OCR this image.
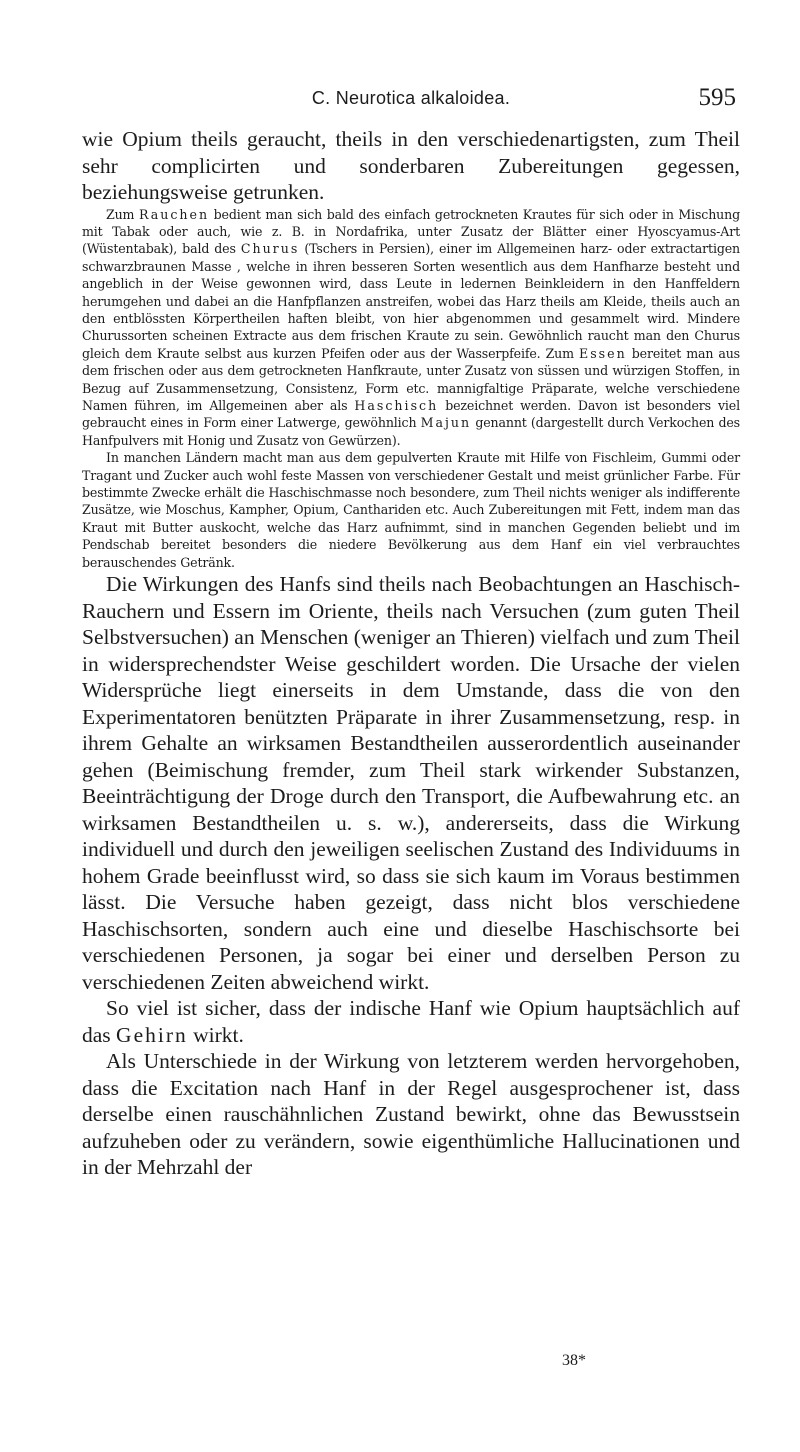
C. Neurotica alkaloidea.	595

wie Opium theils geraucht, theils in den verschiedenartigsten, zum Theil sehr complicirten und sonderbaren Zubereitungen gegessen, beziehungsweise getrunken.

Zum Rauchen bedient man sich bald des einfach getrockneten Krautes für sich oder in Mischung mit Tabak oder auch, wie z. B. in Nordafrika, unter Zusatz der Blätter einer Hyoscyamus-Art (Wüstentabak), bald des Churus (Tschers in Persien), einer im Allgemeinen harz- oder extractartigen schwarzbraunen Masse , welche in ihren besseren Sorten wesentlich aus dem Hanfharze besteht und angeblich in der Weise gewonnen wird, dass Leute in ledernen Beinkleidern in den Hanffeldern herumgehen und dabei an die Hanfpflanzen anstreifen, wobei das Harz theils am Kleide, theils auch an den entblössten Körpertheilen haften bleibt, von hier abgenommen und gesammelt wird. Mindere Churussorten scheinen Extracte aus dem frischen Kraute zu sein. Gewöhnlich raucht man den Churus gleich dem Kraute selbst aus kurzen Pfeifen oder aus der Wasserpfeife. Zum Essen bereitet man aus dem frischen oder aus dem getrockneten Hanfkraute, unter Zusatz von süssen und würzigen Stoffen, in Bezug auf Zusammensetzung, Consistenz, Form etc. mannigfaltige Präparate, welche verschiedene Namen führen, im Allgemeinen aber als Haschisch bezeichnet werden. Davon ist besonders viel gebraucht eines in Form einer Latwerge, gewöhnlich Majun genannt (dargestellt durch Verkochen des Hanfpulvers mit Honig und Zusatz von Gewürzen).

In manchen Ländern macht man aus dem gepulverten Kraute mit Hilfe von Fischleim, Gummi oder Tragant und Zucker auch wohl feste Massen von verschiedener Gestalt und meist grünlicher Farbe. Für bestimmte Zwecke erhält die Haschischmasse noch besondere, zum Theil nichts weniger als indifferente Zusätze, wie Moschus, Kampher, Opium, Canthariden etc. Auch Zubereitungen mit Fett, indem man das Kraut mit Butter auskocht, welche das Harz aufnimmt, sind in manchen Gegenden beliebt und im Pendschab bereitet besonders die niedere Bevölkerung aus dem Hanf ein viel verbrauchtes berauschendes Getränk.

Die Wirkungen des Hanfs sind theils nach Beobachtungen an Haschisch-Rauchern und Essern im Oriente, theils nach Versuchen (zum guten Theil Selbstversuchen) an Menschen (weniger an Thieren) vielfach und zum Theil in widersprechendster Weise geschildert worden. Die Ursache der vielen Widersprüche liegt einerseits in dem Umstande, dass die von den Experimentatoren benützten Präparate in ihrer Zusammensetzung, resp. in ihrem Gehalte an wirksamen Bestandtheilen ausserordentlich auseinander gehen (Beimischung fremder, zum Theil stark wirkender Substanzen, Beeinträchtigung der Droge durch den Transport, die Aufbewahrung etc. an wirksamen Bestandtheilen u. s. w.), andererseits, dass die Wirkung individuell und durch den jeweiligen seelischen Zustand des Individuums in hohem Grade beeinflusst wird, so dass sie sich kaum im Voraus bestimmen lässt. Die Versuche haben gezeigt, dass nicht blos verschiedene Haschischsorten, sondern auch eine und dieselbe Haschischsorte bei verschiedenen Personen, ja sogar bei einer und derselben Person zu verschiedenen Zeiten abweichend wirkt.

So viel ist sicher, dass der indische Hanf wie Opium hauptsächlich auf das Gehirn wirkt.

Als Unterschiede in der Wirkung von letzterem werden hervorgehoben, dass die Excitation nach Hanf in der Regel ausgesprochener ist, dass derselbe einen rauschähnlichen Zustand bewirkt, ohne das Bewusstsein aufzuheben oder zu verändern, sowie eigenthümliche Hallucinationen und in der Mehrzahl der

38*
